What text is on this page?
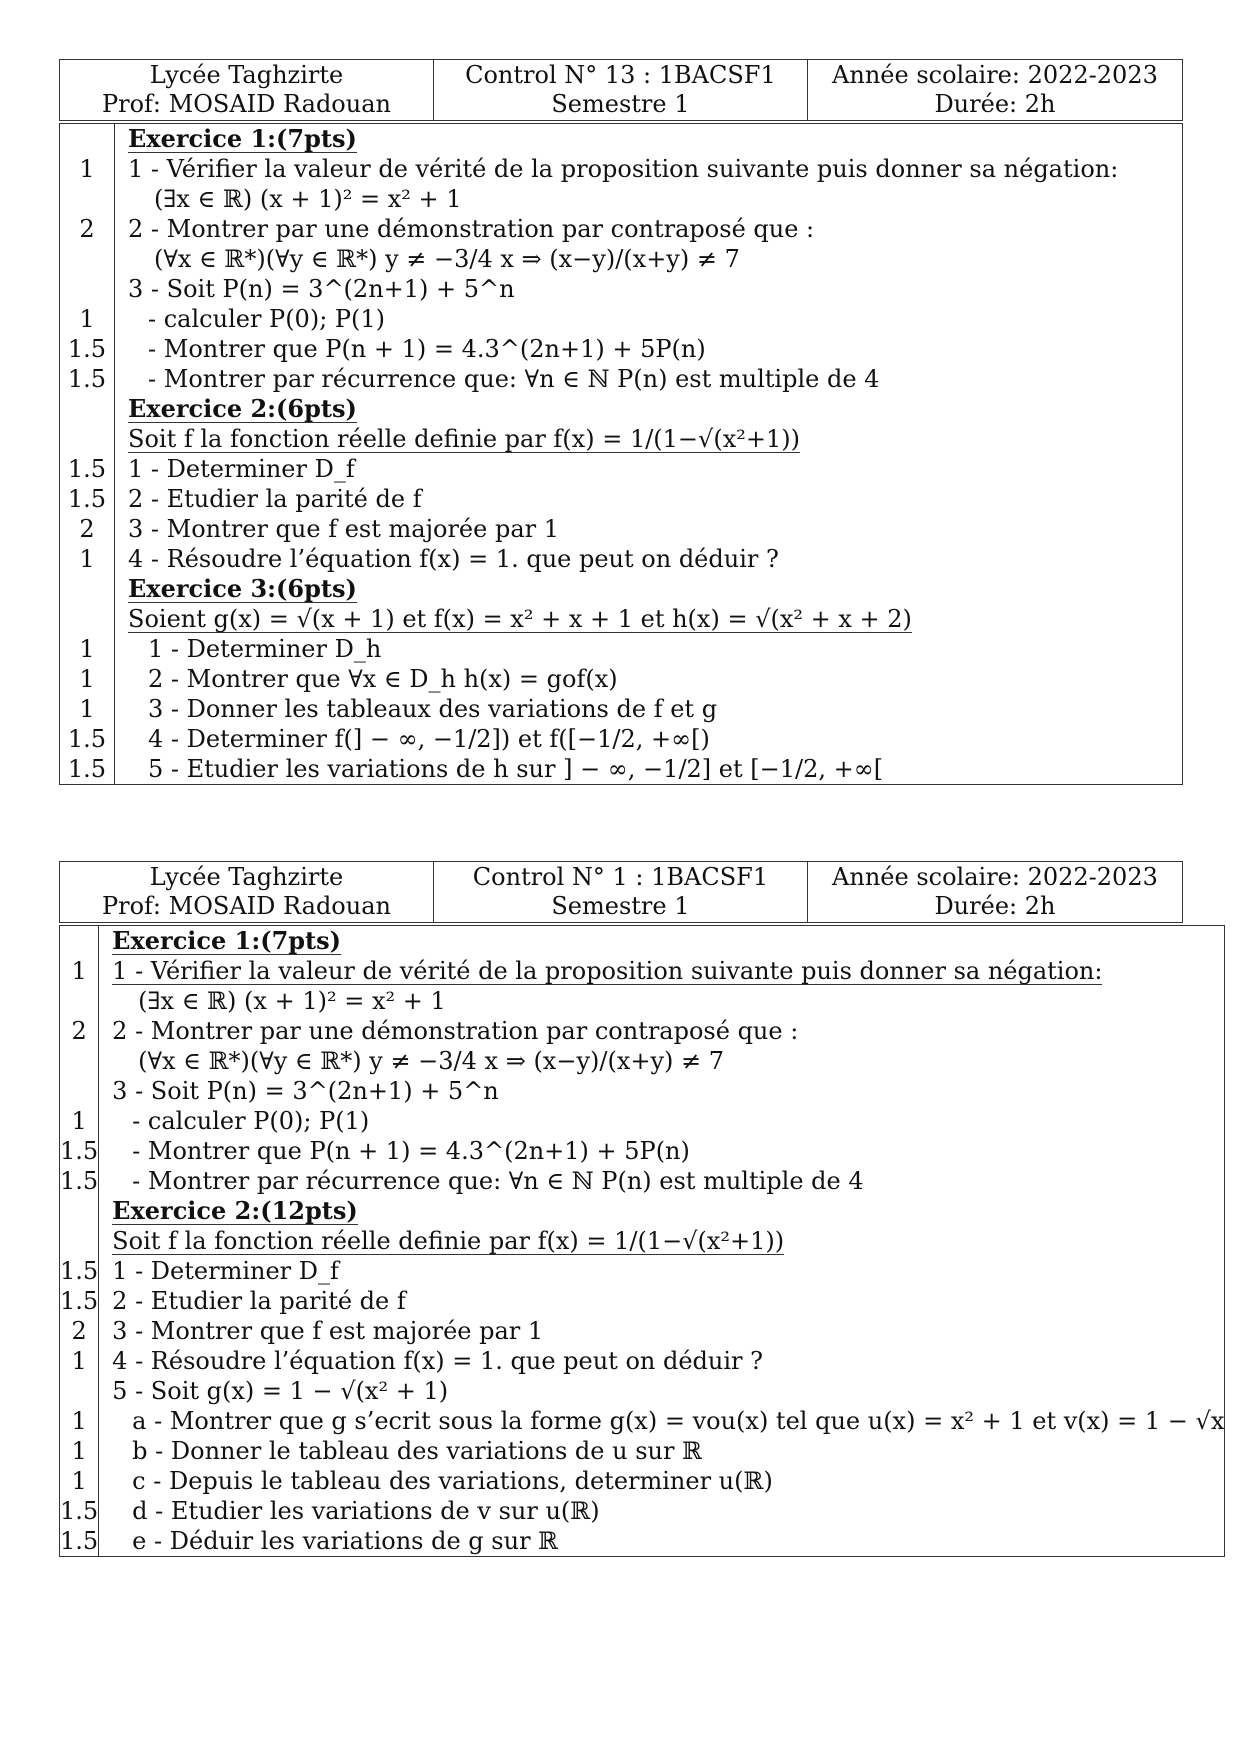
Lycée Taghzirte
Prof: MOSAID Radouan

Control N° 13 : 1BACSF1
Semestre 1

Année scolaire: 2022-2023
Durée: 2h
	Exercice 1:(7pts)
1	1 - Vérifier la valeur de vérité de la proposition suivante puis donner sa négation:
	(∃x ∈ ℝ) (x + 1)² = x² + 1
2	2 - Montrer par une démonstration par contraposé que :
	(∀x ∈ ℝ*)(∀y ∈ ℝ*) y ≠ −3/4 x ⇒ (x−y)/(x+y) ≠ 7
	3 - Soit P(n) = 3^(2n+1) + 5^n
1	- calculer P(0); P(1)
1.5	- Montrer que P(n + 1) = 4.3^(2n+1) + 5P(n)
1.5	- Montrer par récurrence que: ∀n ∈ ℕ P(n) est multiple de 4
	Exercice 2:(6pts)
	Soit f la fonction réelle definie par f(x) = 1/(1−√(x²+1))
1.5	1 - Determiner D_f
1.5	2 - Etudier la parité de f
2	3 - Montrer que f est majorée par 1
1	4 - Résoudre l’équation f(x) = 1. que peut on déduir ?
	Exercice 3:(6pts)
	Soient g(x) = √(x + 1) et f(x) = x² + x + 1 et h(x) = √(x² + x + 2)
1	1 - Determiner D_h
1	2 - Montrer que ∀x ∈ D_h h(x) = gof(x)
1	3 - Donner les tableaux des variations de f et g
1.5	4 - Determiner f(] − ∞, −1/2]) et f([−1/2, +∞[)
1.5	5 - Etudier les variations de h sur ] − ∞, −1/2] et [−1/2, +∞[
Lycée Taghzirte
Prof: MOSAID Radouan

Control N° 1 : 1BACSF1
Semestre 1

Année scolaire: 2022-2023
Durée: 2h
	Exercice 1:(7pts)
1	1 - Vérifier la valeur de vérité de la proposition suivante puis donner sa négation:
	(∃x ∈ ℝ) (x + 1)² = x² + 1
2	2 - Montrer par une démonstration par contraposé que :
	(∀x ∈ ℝ*)(∀y ∈ ℝ*) y ≠ −3/4 x ⇒ (x−y)/(x+y) ≠ 7
	3 - Soit P(n) = 3^(2n+1) + 5^n
1	- calculer P(0); P(1)
1.5	- Montrer que P(n + 1) = 4.3^(2n+1) + 5P(n)
1.5	- Montrer par récurrence que: ∀n ∈ ℕ P(n) est multiple de 4
	Exercice 2:(12pts)
	Soit f la fonction réelle definie par f(x) = 1/(1−√(x²+1))
1.5	1 - Determiner D_f
1.5	2 - Etudier la parité de f
2	3 - Montrer que f est majorée par 1
1	4 - Résoudre l’équation f(x) = 1. que peut on déduir ?
	5 - Soit g(x) = 1 − √(x² + 1)
1	a - Montrer que g s’ecrit sous la forme g(x) = vou(x) tel que u(x) = x² + 1 et v(x) = 1 − √x
1	b - Donner le tableau des variations de u sur ℝ
1	c - Depuis le tableau des variations, determiner u(ℝ)
1.5	d - Etudier les variations de v sur u(ℝ)
1.5	e - Déduir les variations de g sur ℝ
